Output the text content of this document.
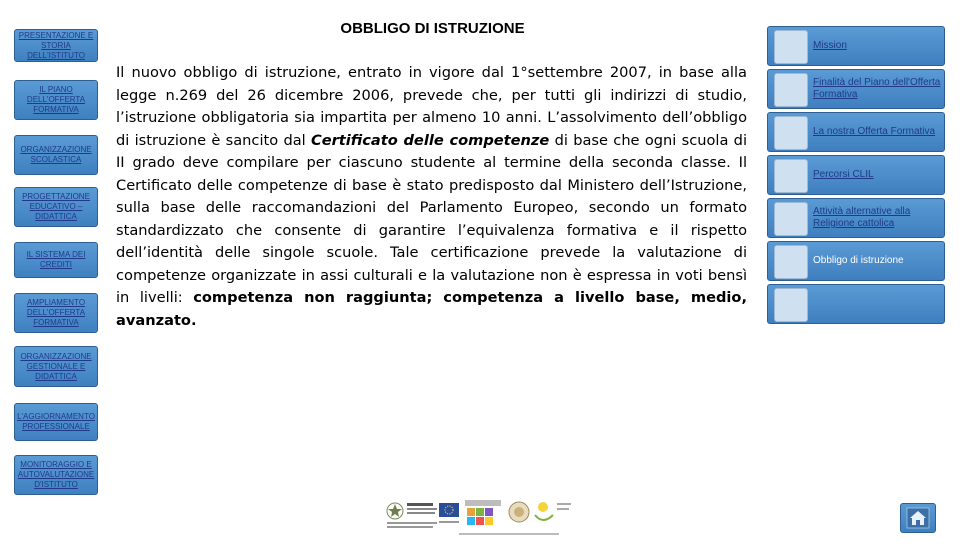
PRESENTAZIONE E STORIA DELL'ISTITUTO
IL PIANO DELL'OFFERTA FORMATIVA
ORGANIZZAZIONE SCOLASTICA
PROGETTAZIONE EDUCATIVO – DIDATTICA
IL SISTEMA DEI CREDITI
AMPLIAMENTO DELL'OFFERTA FORMATIVA
ORGANIZZAZIONE GESTIONALE E DIDATTICA
L'AGGIORNAMENTO PROFESSIONALE
MONITORAGGIO E AUTOVALUTAZIONE D'ISTITUTO
OBBLIGO DI ISTRUZIONE
Il nuovo obbligo di istruzione, entrato in vigore dal 1°settembre 2007, in base alla legge n.269 del 26 dicembre 2006, prevede che, per tutti gli indirizzi di studio, l’istruzione obbligatoria sia impartita per almeno 10 anni. L’assolvimento dell’obbligo di istruzione è sancito dal Certificato delle competenze di base che ogni scuola di II grado deve compilare per ciascuno studente al termine della seconda classe. Il Certificato delle competenze di base è stato predisposto dal Ministero dell’Istruzione, sulla base delle raccomandazioni del Parlamento Europeo, secondo un formato standardizzato che consente di garantire l’equivalenza formativa e il rispetto dell’identità delle singole scuole. Tale certificazione prevede la valutazione di competenze organizzate in assi culturali e la valutazione non è espressa in voti bensì in livelli: competenza non raggiunta; competenza a livello base, medio, avanzato.
Mission
Finalità del Piano dell'Offerta Formativa
La nostra Offerta Formativa
Percorsi CLIL
Attività alternative alla Religione cattolica
Obbligo di istruzione
